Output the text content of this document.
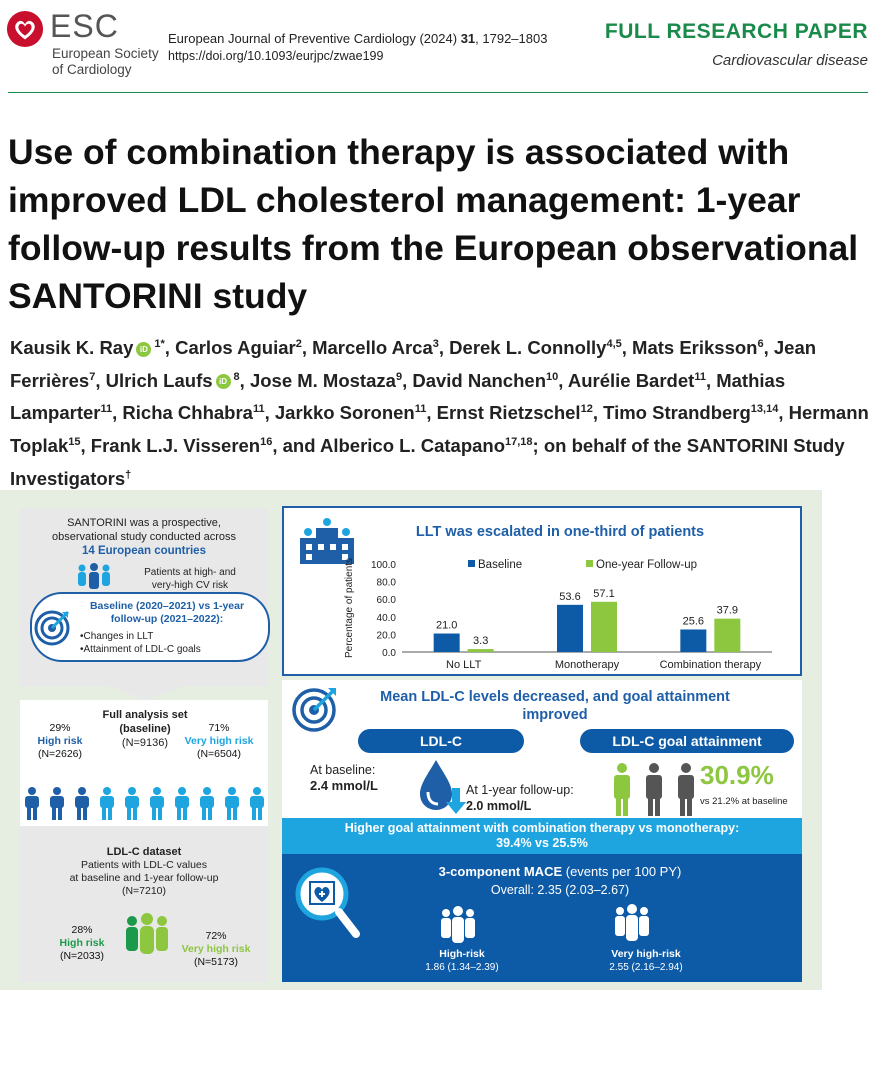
ESC
European Society
of Cardiology
European Journal of Preventive Cardiology (2024) 31, 1792–1803
https://doi.org/10.1093/eurjpc/zwae199
FULL RESEARCH PAPER
Cardiovascular disease
Use of combination therapy is associated with improved LDL cholesterol management: 1-year follow-up results from the European observational SANTORINI study
Kausik K. Ray iD $^{1*}$, Carlos Aguiar$^2$, Marcello Arca$^3$, Derek L. Connolly$^{4,5}$, Mats Eriksson$^6$, Jean Ferrières$^7$, Ulrich Laufs iD $^8$, Jose M. Mostaza$^9$, David Nanchen$^{10}$, Aurélie Bardet$^{11}$, Mathias Lamparter$^{11}$, Richa Chhabra$^{11}$, Jarkko Soronen$^{11}$, Ernst Rietzschel$^{12}$, Timo Strandberg$^{13,14}$, Hermann Toplak$^{15}$, Frank L.J. Visseren$^{16}$, and Alberico L. Catapano$^{17,18}$; on behalf of the SANTORINI Study Investigators†
SANTORINI was a prospective,
observational study conducted across
14 European countries
Patients at high- and
very-high CV risk
Baseline (2020–2021) vs 1-year
follow-up (2021–2022):
•Changes in LLT
•Attainment of LDL-C goals
Full analysis set
(baseline)
(N=9136)
29%
High risk
(N=2626)
71%
Very high risk
(N=6504)
LDL-C dataset
Patients with LDL-C values
at baseline and 1-year follow-up
(N=7210)
28%
High risk
(N=2033)
72%
Very high risk
(N=5173)
LLT was escalated in one-third of patients
Percentage of patients	0.0
20.0
40.0
60.0
80.0
100.0	Baseline	One-year Follow-up
21.0
3.3
No LLT
53.6 57.1
Monotherapy
25.6
37.9
Combination therapy
Mean LDL-C levels decreased, and goal attainment improved
LDL-C	LDL-C goal attainment
At baseline:
2.4 mmol/L	At 1-year follow-up:
2.0 mmol/L
30.9%
vs 21.2% at baseline
Higher goal attainment with combination therapy vs monotherapy:
39.4% vs 25.5%
3-component MACE (events per 100 PY)
Overall: 2.35 (2.03–2.67)
High-risk
1.86 (1.34–2.39)
Very high-risk
2.55 (2.16–2.94)
